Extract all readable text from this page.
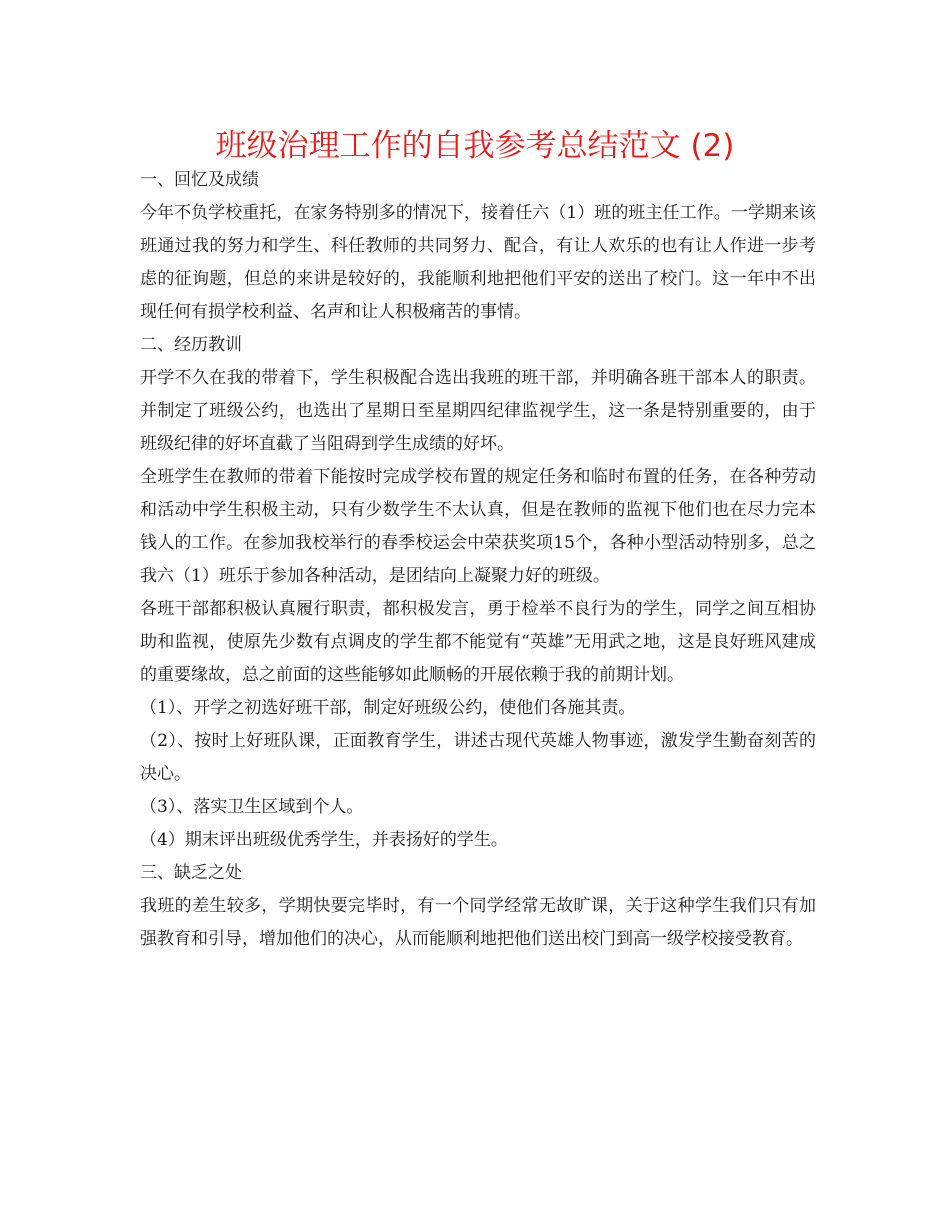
班级治理工作的自我参考总结范文 (2)

一、回忆及成绩

今年不负学校重托，在家务特别多的情况下，接着任六（1）班的班主任工作。一学期来该班通过我的努力和学生、科任教师的共同努力、配合，有让人欢乐的也有让人作进一步考虑的征询题，但总的来讲是较好的，我能顺利地把他们平安的送出了校门。这一年中不出现任何有损学校利益、名声和让人积极痛苦的事情。

二、经历教训

开学不久在我的带着下，学生积极配合选出我班的班干部，并明确各班干部本人的职责。并制定了班级公约，也选出了星期日至星期四纪律监视学生，这一条是特别重要的，由于班级纪律的好坏直截了当阻碍到学生成绩的好坏。

全班学生在教师的带着下能按时完成学校布置的规定任务和临时布置的任务，在各种劳动和活动中学生积极主动，只有少数学生不太认真，但是在教师的监视下他们也在尽力完本钱人的工作。在参加我校举行的春季校运会中荣获奖项15个，各种小型活动特别多，总之我六（1）班乐于参加各种活动，是团结向上凝聚力好的班级。

各班干部都积极认真履行职责，都积极发言，勇于检举不良行为的学生，同学之间互相协助和监视，使原先少数有点调皮的学生都不能觉有“英雄”无用武之地，这是良好班风建成的重要缘故，总之前面的这些能够如此顺畅的开展依赖于我的前期计划。

（1）、开学之初选好班干部，制定好班级公约，使他们各施其责。

（2）、按时上好班队课，正面教育学生，讲述古现代英雄人物事迹，激发学生勤奋刻苦的决心。

（3）、落实卫生区域到个人。

（4）期末评出班级优秀学生，并表扬好的学生。

三、缺乏之处

我班的差生较多，学期快要完毕时，有一个同学经常无故旷课，关于这种学生我们只有加强教育和引导，增加他们的决心，从而能顺利地把他们送出校门到高一级学校接受教育。
